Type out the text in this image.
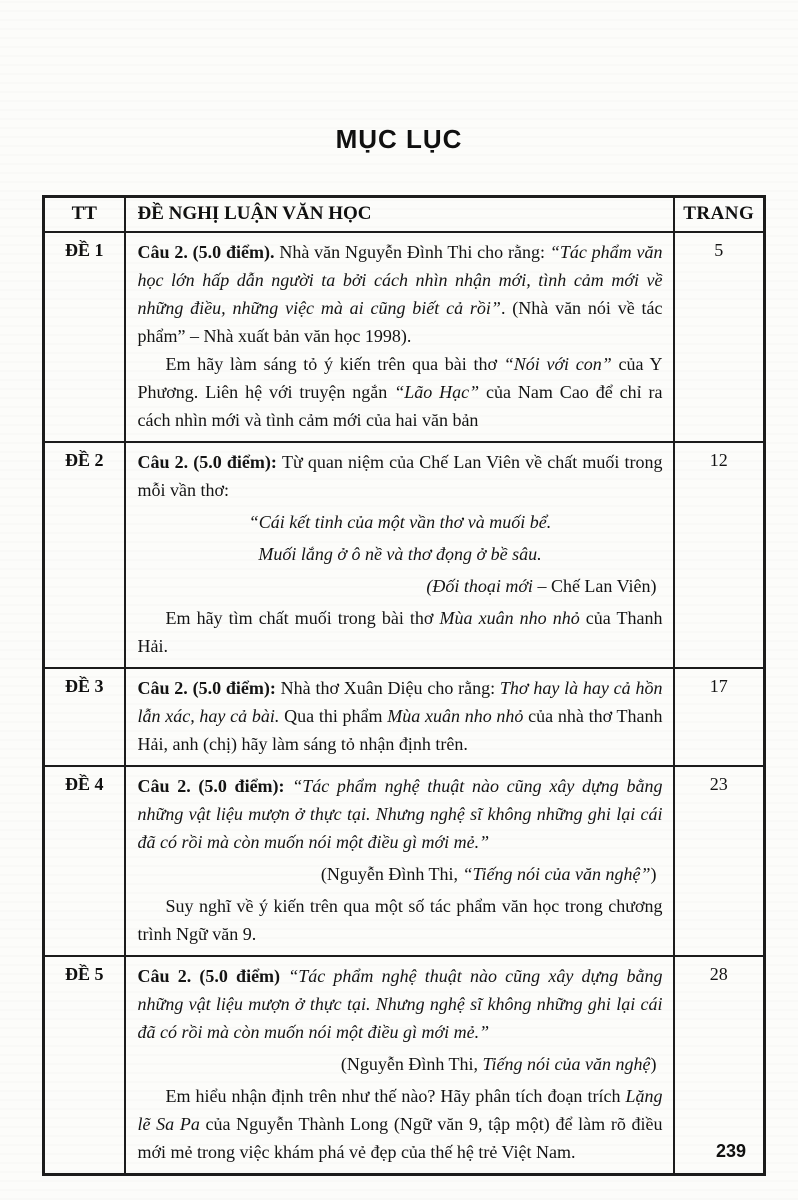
MỤC LỤC
TT	ĐỀ NGHỊ LUẬN VĂN HỌC	TRANG
ĐỀ 1	Câu 2. (5.0 điểm). Nhà văn Nguyễn Đình Thi cho rằng: “Tác phẩm văn học lớn hấp dẫn người ta bởi cách nhìn nhận mới, tình cảm mới về những điều, những việc mà ai cũng biết cả rồi”. (Nhà văn nói về tác phẩm” – Nhà xuất bản văn học 1998).

Em hãy làm sáng tỏ ý kiến trên qua bài thơ “Nói với con” của Y Phương. Liên hệ với truyện ngắn “Lão Hạc” của Nam Cao để chỉ ra cách nhìn mới và tình cảm mới của hai văn bản	5
ĐỀ 2	Câu 2. (5.0 điểm): Từ quan niệm của Chế Lan Viên về chất muối trong mỗi vần thơ:

“Cái kết tinh của một vần thơ và muối bể.

Muối lắng ở ô nề và thơ đọng ở bề sâu.

(Đối thoại mới – Chế Lan Viên)

Em hãy tìm chất muối trong bài thơ Mùa xuân nho nhỏ của Thanh Hải.	12
ĐỀ 3	Câu 2. (5.0 điểm): Nhà thơ Xuân Diệu cho rằng: Thơ hay là hay cả hồn lẫn xác, hay cả bài. Qua thi phẩm Mùa xuân nho nhỏ của nhà thơ Thanh Hải, anh (chị) hãy làm sáng tỏ nhận định trên.	17
ĐỀ 4	Câu 2. (5.0 điểm): “Tác phẩm nghệ thuật nào cũng xây dựng bằng những vật liệu mượn ở thực tại. Nhưng nghệ sĩ không những ghi lại cái đã có rồi mà còn muốn nói một điều gì mới mẻ.”

(Nguyễn Đình Thi, “Tiếng nói của văn nghệ”)

Suy nghĩ về ý kiến trên qua một số tác phẩm văn học trong chương trình Ngữ văn 9.	23
ĐỀ 5	Câu 2. (5.0 điểm) “Tác phẩm nghệ thuật nào cũng xây dựng bằng những vật liệu mượn ở thực tại. Nhưng nghệ sĩ không những ghi lại cái đã có rồi mà còn muốn nói một điều gì mới mẻ.”

(Nguyễn Đình Thi, Tiếng nói của văn nghệ)

Em hiểu nhận định trên như thế nào? Hãy phân tích đoạn trích Lặng lẽ Sa Pa của Nguyễn Thành Long (Ngữ văn 9, tập một) để làm rõ điều mới mẻ trong việc khám phá vẻ đẹp của thế hệ trẻ Việt Nam.	28
239
